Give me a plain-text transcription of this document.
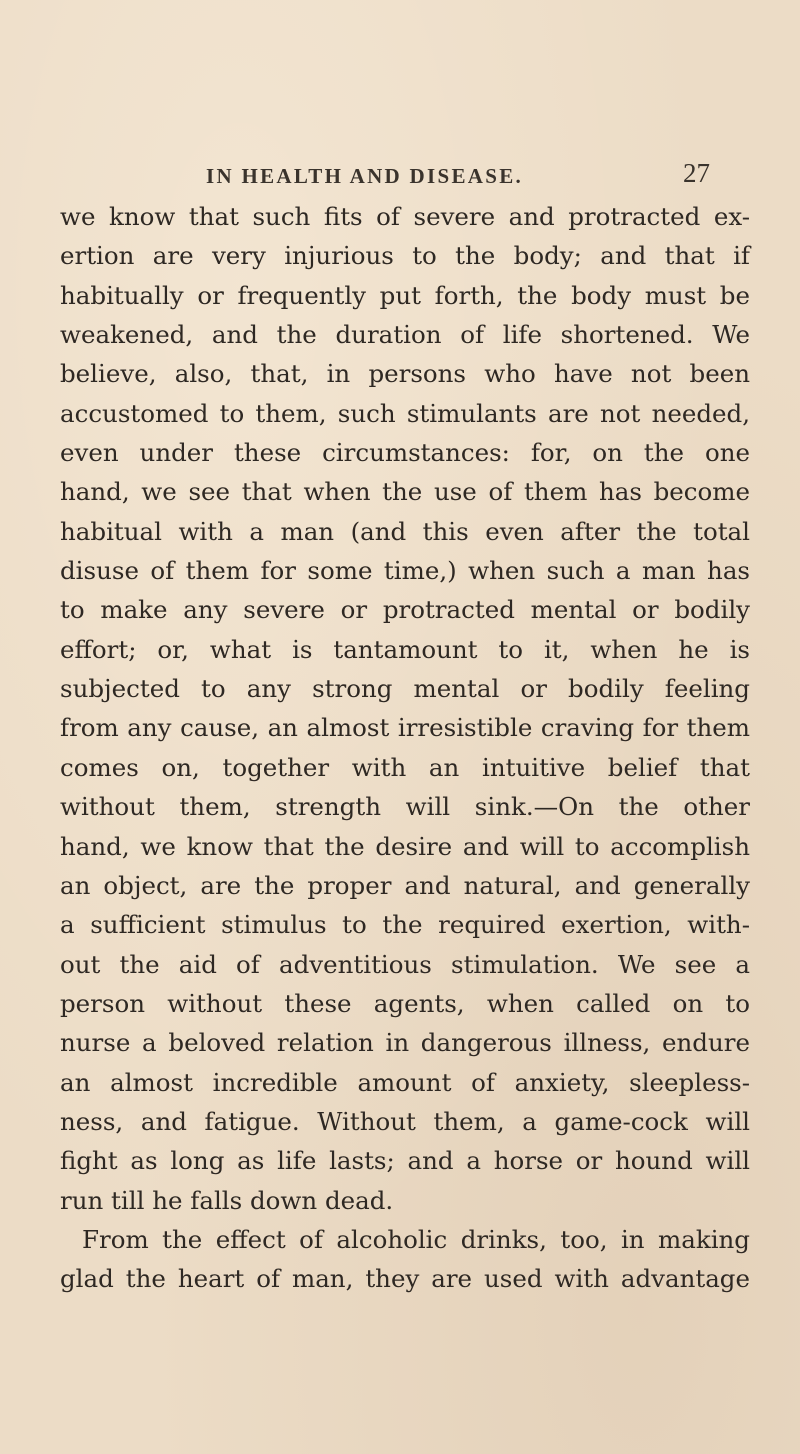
IN HEALTH AND DISEASE.	27
we know that such fits of severe and protracted ex-
ertion are very injurious to the body; and that if
habitually or frequently put forth, the body must be
weakened, and the duration of life shortened. We
believe, also, that, in persons who have not been
accustomed to them, such stimulants are not needed,
even under these circumstances: for, on the one
hand, we see that when the use of them has become
habitual with a man (and this even after the total
disuse of them for some time,) when such a man has
to make any severe or protracted mental or bodily
effort; or, what is tantamount to it, when he is
subjected to any strong mental or bodily feeling
from any cause, an almost irresistible craving for them
comes on, together with an intuitive belief that
without them, strength will sink.—On the other
hand, we know that the desire and will to accomplish
an object, are the proper and natural, and generally
a sufficient stimulus to the required exertion, with-
out the aid of adventitious stimulation. We see a
person without these agents, when called on to
nurse a beloved relation in dangerous illness, endure
an almost incredible amount of anxiety, sleepless-
ness, and fatigue. Without them, a game-cock will
fight as long as life lasts; and a horse or hound will
run till he falls down dead.
From the effect of alcoholic drinks, too, in making
glad the heart of man, they are used with advantage
